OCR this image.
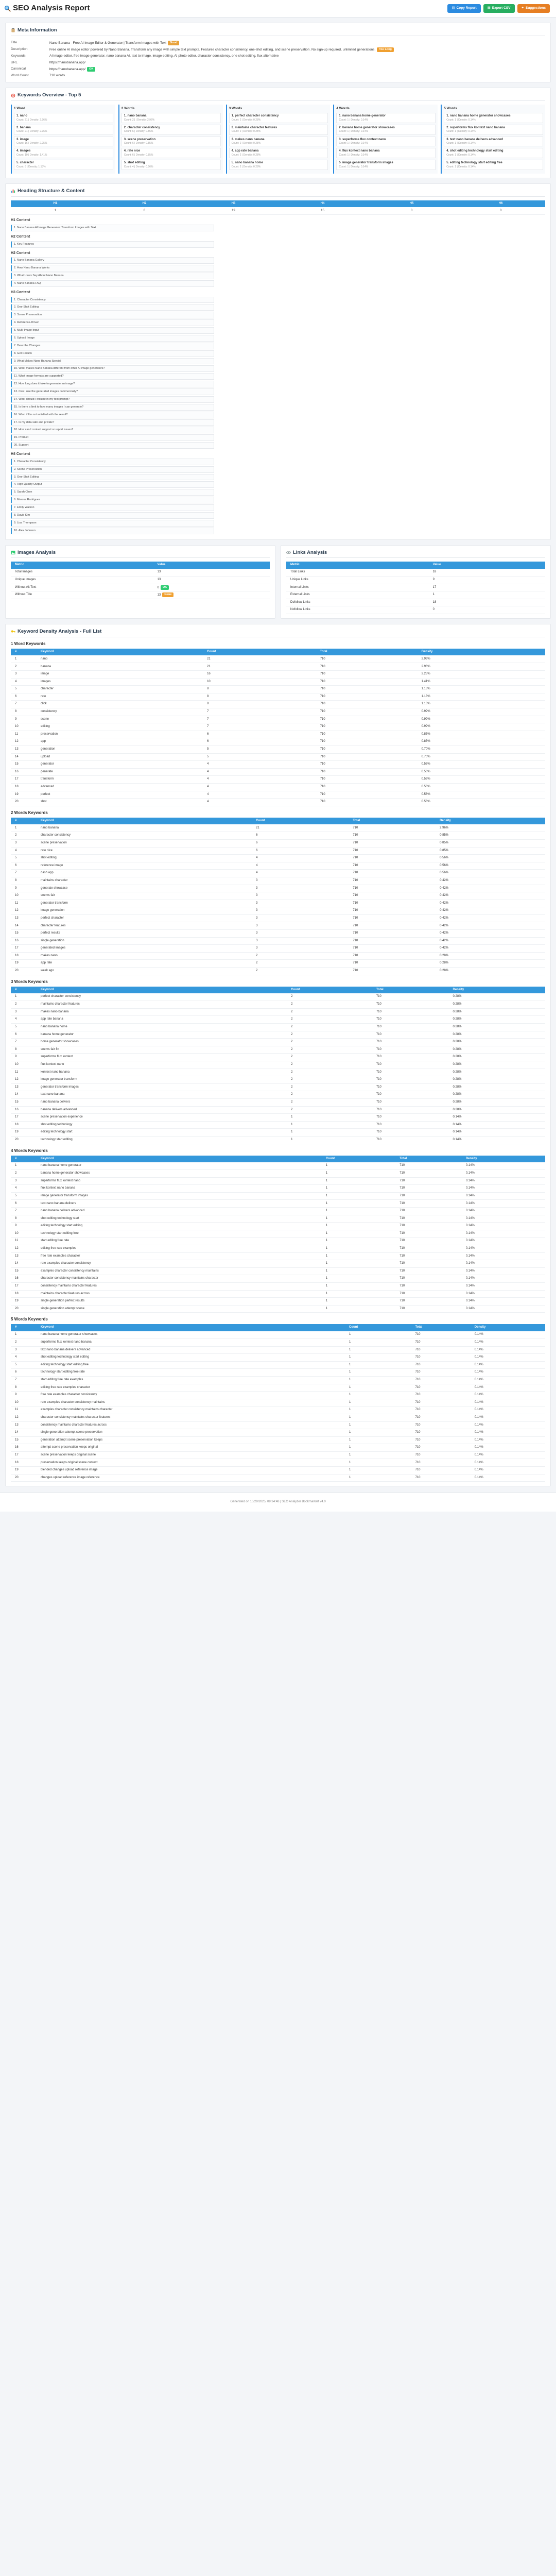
SEO Analysis Report	▤ Copy Report	▦ Export CSV	✦ Suggestions
Meta Information
Title	Nano Banana - Free AI Image Editor & Generator | Transform Images with Text Good
Description	Free online AI image editor powered by Nano Banana. Transform any image with simple text prompts. Features character consistency, one-shot editing, and scene preservation. No sign-up required, unlimited generations. Too Long
Keywords	AI image editor, free image generator, nano banana AI, text to image, image editing, AI photo editor, character consistency, one shot editing, flux alternative
URL	https://nanobanana.app/
Canonical	https://nanobanana.app/ OK
Word Count	710 words
Keywords Overview - Top 5
1 Word
1. nano
Count: 21 | Density: 2.96%
2. banana
Count: 21 | Density: 2.96%
3. image
Count: 16 | Density: 2.25%
4. images
Count: 10 | Density: 1.41%
5. character
Count: 8 | Density: 1.13%
2 Words
1. nano banana
Count: 21 | Density: 2.96%
2. character consistency
Count: 6 | Density: 0.85%
3. scene preservation
Count: 6 | Density: 0.85%
4. rate nice
Count: 6 | Density: 0.85%
5. shot editing
Count: 4 | Density: 0.56%
3 Words
1. perfect character consistency
Count: 2 | Density: 0.28%
2. maintains character features
Count: 2 | Density: 0.28%
3. makes nano banana
Count: 2 | Density: 0.28%
4. app rate banana
Count: 2 | Density: 0.28%
5. nano banana home
Count: 2 | Density: 0.28%
4 Words
1. nano banana home generator
Count: 1 | Density: 0.14%
2. banana home generator showcases
Count: 1 | Density: 0.14%
3. superforms flux context nano
Count: 1 | Density: 0.14%
4. flux kontext nano banana
Count: 1 | Density: 0.14%
5. image generator transform images
Count: 1 | Density: 0.14%
5 Words
1. nano banana home generator showcases
Count: 1 | Density: 0.14%
2. superforms flux kontext nano banana
Count: 1 | Density: 0.14%
3. text nano banana delivers advanced
Count: 1 | Density: 0.14%
4. shot editing technology start editing
Count: 1 | Density: 0.14%
5. editing technology start editing free
Count: 1 | Density: 0.14%
Heading Structure & Content
H1	H2	H3	H4	H5	H6
1	6	19	15	0	0
H1 Content
1. Nano Banana AI Image Generator: Transform Images with Text
H2 Content
1. Key Features
H2 Content
1. Nano Banana Gallery
2. How Nano Banana Works
3. What Users Say About Nano Banana
4. Nano Banana FAQ
H3 Content
1. Character Consistency
2. One-Shot Editing
3. Scene Preservation
4. Reference-Driven
5. Multi-Image Input
6. Upload Image
7. Describe Changes
8. Get Results
9. What Makes Nano Banana Special
10. What makes Nano Banana different from other AI image generators?
11. What image formats are supported?
12. How long does it take to generate an image?
13. Can I use the generated images commercially?
14. What should I include in my text prompt?
15. Is there a limit to how many images I can generate?
16. What if I'm not satisfied with the result?
17. Is my data safe and private?
18. How can I contact support or report issues?
19. Product
20. Support
H4 Content
1. Character Consistency
2. Scene Preservation
3. One-Shot Editing
4. High-Quality Output
5. Sarah Chen
6. Marcus Rodriguez
7. Emily Watson
8. David Kim
9. Lisa Thompson
10. Alex Johnson
Images Analysis
Metric	Value
Total Images	13
Unique Images	13
Without Alt Text	0 OK
Without Title	13 Issue
Links Analysis
Metric	Value
Total Links	18
Unique Links	9
Internal Links	17
External Links	1
Dofollow Links	18
Nofollow Links	0
Keyword Density Analysis - Full List
1 Word Keywords
#	Keyword	Count	Total	Density
1	nano	21	710	2.96%
2	banana	21	710	2.96%
3	image	16	710	2.25%
4	images	10	710	1.41%
5	character	8	710	1.13%
6	rate	8	710	1.13%
7	click	8	710	1.13%
8	consistency	7	710	0.99%
9	scene	7	710	0.99%
10	editing	7	710	0.99%
11	preservation	6	710	0.85%
12	app	6	710	0.85%
13	generation	5	710	0.70%
14	upload	5	710	0.70%
15	generator	4	710	0.56%
16	generate	4	710	0.56%
17	transform	4	710	0.56%
18	advanced	4	710	0.56%
19	perfect	4	710	0.56%
20	shot	4	710	0.56%
2 Words Keywords
#	Keyword	Count	Total	Density
1	nano banana	21	710	2.96%
2	character consistency	6	710	0.85%
3	scene preservation	6	710	0.85%
4	rate nice	6	710	0.85%
5	shot editing	4	710	0.56%
6	reference image	4	710	0.56%
7	dash app	4	710	0.56%
8	maintains character	3	710	0.42%
9	generate showcase	3	710	0.42%
10	seems fair	3	710	0.42%
11	generator transform	3	710	0.42%
12	image generation	3	710	0.42%
13	perfect character	3	710	0.42%
14	character features	3	710	0.42%
15	perfect results	3	710	0.42%
16	single generation	3	710	0.42%
17	generated images	3	710	0.42%
18	makes nano	2	710	0.28%
19	app rate	2	710	0.28%
20	week ago	2	710	0.28%
3 Words Keywords
#	Keyword	Count	Total	Density
1	perfect character consistency	2	710	0.28%
2	maintains character features	2	710	0.28%
3	makes nano banana	2	710	0.28%
4	app rate banana	2	710	0.28%
5	nano banana home	2	710	0.28%
6	banana home generator	2	710	0.28%
7	home generator showcases	2	710	0.28%
8	seems fair fin	2	710	0.28%
9	superforms flux kontext	2	710	0.28%
10	flux kontext nano	2	710	0.28%
11	kontext nano banana	2	710	0.28%
12	image generator transform	2	710	0.28%
13	generator transform images	2	710	0.28%
14	text nano banana	2	710	0.28%
15	nano banana delivers	2	710	0.28%
16	banana delivers advanced	2	710	0.28%
17	scene preservation experience	1	710	0.14%
18	shot editing technology	1	710	0.14%
19	editing technology start	1	710	0.14%
20	technology start editing	1	710	0.14%
4 Words Keywords
#	Keyword	Count	Total	Density
1	nano banana home generator	1	710	0.14%
2	banana home generator showcases	1	710	0.14%
3	superforms flux kontext nano	1	710	0.14%
4	flux kontext nano banana	1	710	0.14%
5	image generator transform images	1	710	0.14%
6	text nano banana delivers	1	710	0.14%
7	nano banana delivers advanced	1	710	0.14%
8	shot editing technology start	1	710	0.14%
9	editing technology start editing	1	710	0.14%
10	technology start editing free	1	710	0.14%
11	start editing free rate	1	710	0.14%
12	editing free rate examples	1	710	0.14%
13	free rate examples character	1	710	0.14%
14	rate examples character consistency	1	710	0.14%
15	examples character consistency maintains	1	710	0.14%
16	character consistency maintains character	1	710	0.14%
17	consistency maintains character features	1	710	0.14%
18	maintains character features across	1	710	0.14%
19	single generation perfect results	1	710	0.14%
20	single generation attempt scene	1	710	0.14%
5 Words Keywords
#	Keyword	Count	Total	Density
1	nano banana home generator showcases	1	710	0.14%
2	superforms flux kontext nano banana	1	710	0.14%
3	text nano banana delivers advanced	1	710	0.14%
4	shot editing technology start editing	1	710	0.14%
5	editing technology start editing free	1	710	0.14%
6	technology start editing free rate	1	710	0.14%
7	start editing free rate examples	1	710	0.14%
8	editing free rate examples character	1	710	0.14%
9	free rate examples character consistency	1	710	0.14%
10	rate examples character consistency maintains	1	710	0.14%
11	examples character consistency maintains character	1	710	0.14%
12	character consistency maintains character features	1	710	0.14%
13	consistency maintains character features across	1	710	0.14%
14	single generation attempt scene preservation	1	710	0.14%
15	generation attempt scene preservation keeps	1	710	0.14%
16	attempt scene preservation keeps original	1	710	0.14%
17	scene preservation keeps original scene	1	710	0.14%
18	preservation keeps original scene context	1	710	0.14%
19	blended changes upload reference image	1	710	0.14%
20	changes upload reference image reference	1	710	0.14%
Generated on 10/29/2025, 09:34:48 | SEO Analyzer Bookmarklet v4.0
